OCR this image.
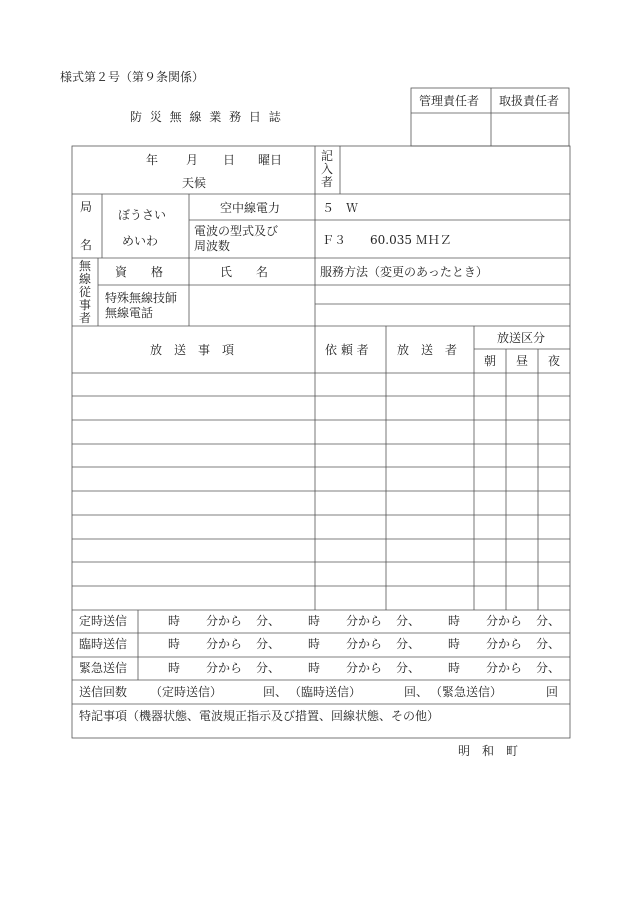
様式第２号（第９条関係）
防 災 無 線 業 務 日 誌
管理責任者 取扱責任者
年 月 日 曜日
天候
記入者
局
名
ぼうさい
めいわ
空中線電力	５　Ｗ
電波の型式及び
周波数	Ｆ３　　60.035 ＭＨＺ
無線従事者
資　　格	氏　　名	服務方法（変更のあったとき）
特殊無線技師
無線電話
放　送　事　項	依 頼 者 放　送　者
放送区分
朝 昼 夜
定時送信	時 分から 分、 時 分から 分、 時 分から 分、
臨時送信	時 分から 分、 時 分から 分、 時 分から 分、
緊急送信	時 分から 分、 時 分から 分、 時 分から 分、
送信回数 （定時送信）	回、 （臨時送信）	回、 （緊急送信）	回
特記事項（機器状態、電波規正指示及び措置、回線状態、その他）
明　和　町
